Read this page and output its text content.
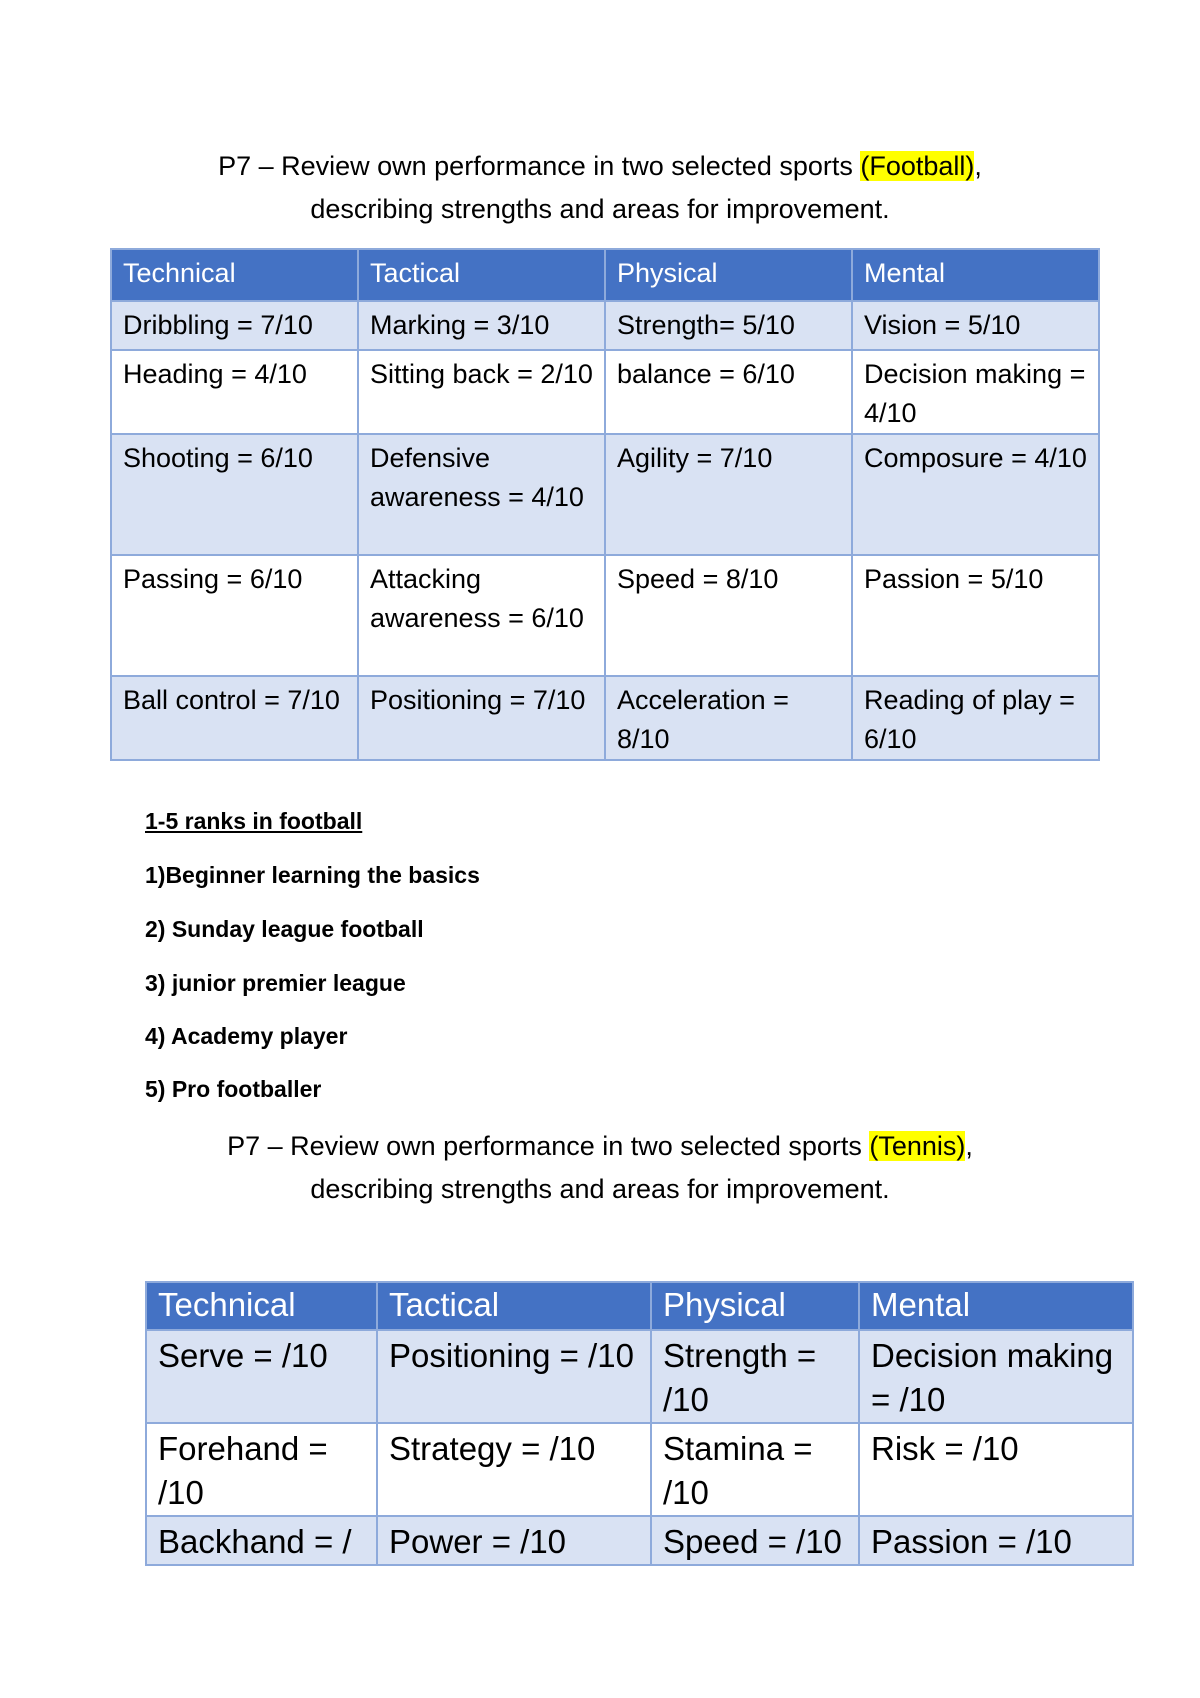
P7 – Review own performance in two selected sports (Football),
describing strengths and areas for improvement.
Technical	Tactical	Physical	Mental
Dribbling = 7/10	Marking = 3/10	Strength= 5/10	Vision = 5/10
Heading = 4/10	Sitting back = 2/10	balance = 6/10	Decision making = 4/10
Shooting = 6/10	Defensive awareness = 4/10	Agility = 7/10	Composure = 4/10
Passing = 6/10	Attacking awareness = 6/10	Speed = 8/10	Passion = 5/10
Ball control = 7/10	Positioning = 7/10	Acceleration = 8/10	Reading of play = 6/10
1-5 ranks in football
1)Beginner learning the basics
2) Sunday league football
3) junior premier league
4) Academy player
5) Pro footballer
P7 – Review own performance in two selected sports (Tennis),
describing strengths and areas for improvement.
Technical	Tactical	Physical	Mental
Serve = /10	Positioning = /10	Strength = /10	Decision making = /10
Forehand = /10	Strategy = /10	Stamina = /10	Risk = /10
Backhand = /	Power = /10	Speed = /10	Passion = /10
